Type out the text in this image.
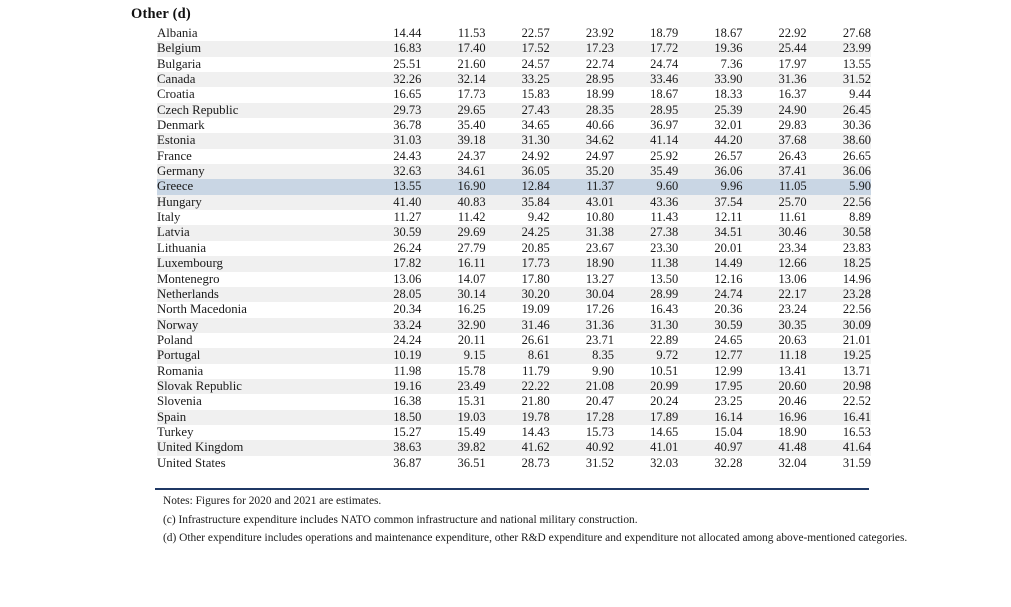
Other (d)
Albania	14.44	11.53	22.57	23.92	18.79	18.67	22.92	27.68
Belgium	16.83	17.40	17.52	17.23	17.72	19.36	25.44	23.99
Bulgaria	25.51	21.60	24.57	22.74	24.74	7.36	17.97	13.55
Canada	32.26	32.14	33.25	28.95	33.46	33.90	31.36	31.52
Croatia	16.65	17.73	15.83	18.99	18.67	18.33	16.37	9.44
Czech Republic	29.73	29.65	27.43	28.35	28.95	25.39	24.90	26.45
Denmark	36.78	35.40	34.65	40.66	36.97	32.01	29.83	30.36
Estonia	31.03	39.18	31.30	34.62	41.14	44.20	37.68	38.60
France	24.43	24.37	24.92	24.97	25.92	26.57	26.43	26.65
Germany	32.63	34.61	36.05	35.20	35.49	36.06	37.41	36.06
Greece	13.55	16.90	12.84	11.37	9.60	9.96	11.05	5.90
Hungary	41.40	40.83	35.84	43.01	43.36	37.54	25.70	22.56
Italy	11.27	11.42	9.42	10.80	11.43	12.11	11.61	8.89
Latvia	30.59	29.69	24.25	31.38	27.38	34.51	30.46	30.58
Lithuania	26.24	27.79	20.85	23.67	23.30	20.01	23.34	23.83
Luxembourg	17.82	16.11	17.73	18.90	11.38	14.49	12.66	18.25
Montenegro	13.06	14.07	17.80	13.27	13.50	12.16	13.06	14.96
Netherlands	28.05	30.14	30.20	30.04	28.99	24.74	22.17	23.28
North Macedonia	20.34	16.25	19.09	17.26	16.43	20.36	23.24	22.56
Norway	33.24	32.90	31.46	31.36	31.30	30.59	30.35	30.09
Poland	24.24	20.11	26.61	23.71	22.89	24.65	20.63	21.01
Portugal	10.19	9.15	8.61	8.35	9.72	12.77	11.18	19.25
Romania	11.98	15.78	11.79	9.90	10.51	12.99	13.41	13.71
Slovak Republic	19.16	23.49	22.22	21.08	20.99	17.95	20.60	20.98
Slovenia	16.38	15.31	21.80	20.47	20.24	23.25	20.46	22.52
Spain	18.50	19.03	19.78	17.28	17.89	16.14	16.96	16.41
Turkey	15.27	15.49	14.43	15.73	14.65	15.04	18.90	16.53
United Kingdom	38.63	39.82	41.62	40.92	41.01	40.97	41.48	41.64
United States	36.87	36.51	28.73	31.52	32.03	32.28	32.04	31.59
Notes: Figures for 2020 and 2021 are estimates.
(c) Infrastructure expenditure includes NATO common infrastructure and national military construction.
(d) Other expenditure includes operations and maintenance expenditure, other R&D expenditure and expenditure not allocated among above-mentioned categories.
